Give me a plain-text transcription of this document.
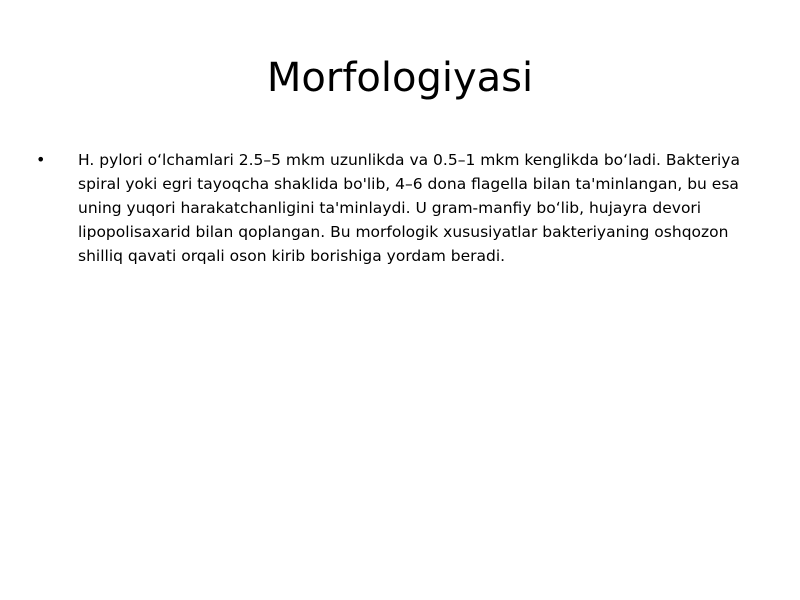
Morfologiyasi
• H. pylori oʻlchamlari 2.5–5 mkm uzunlikda va 0.5–1 mkm kenglikda boʻladi. Bakteriya spiral yoki egri tayoqcha shaklida bo'lib, 4–6 dona flagella bilan ta'minlangan, bu esa uning yuqori harakatchanligini ta'minlaydi. U gram-manfiy boʻlib, hujayra devori lipopolisaxarid bilan qoplangan. Bu morfologik xususiyatlar bakteriyaning oshqozon shilliq qavati orqali oson kirib borishiga yordam beradi.
